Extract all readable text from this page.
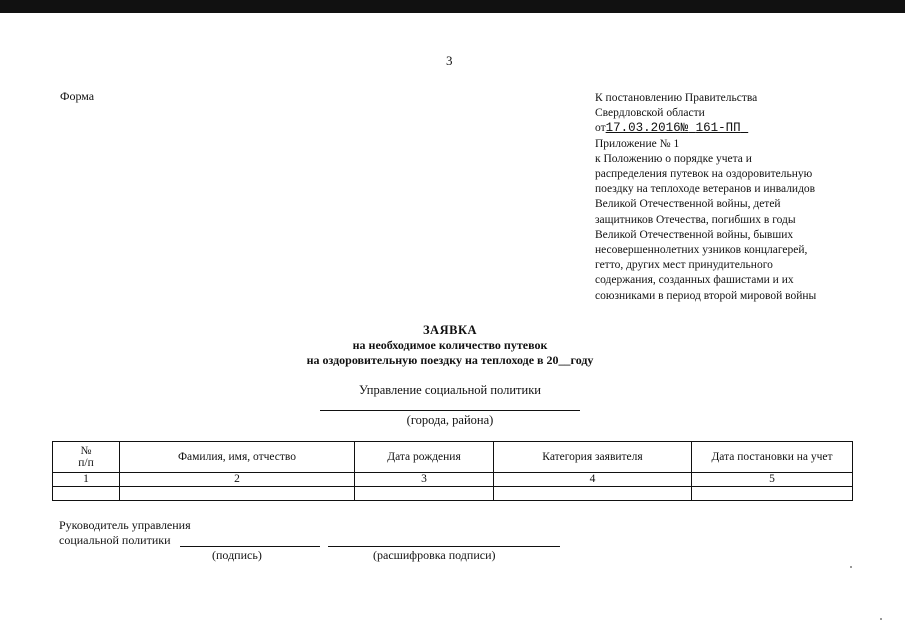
3
Форма	К постановлению Правительства
Свердловской области
от17.03.2016№ 161-ПП
Приложение № 1
к Положению о порядке учета и
распределения путевок на оздоровительную
поездку на теплоходе ветеранов и инвалидов
Великой Отечественной войны, детей
защитников Отечества, погибших в годы
Великой Отечественной войны, бывших
несовершеннолетних узников концлагерей,
гетто, других мест принудительного
содержания, созданных фашистами и их
союзниками в период второй мировой войны
ЗАЯВКА
на необходимое количество путевок
на оздоровительную поездку на теплоходе в 20__году
Управление социальной политики
(города, района)
№
п/п	Фамилия, имя, отчество	Дата рождения	Категория заявителя	Дата постановки на учет
1	2	3	4	5

Руководитель управления
социальной политики
(подпись)	(расшифровка подписи)
